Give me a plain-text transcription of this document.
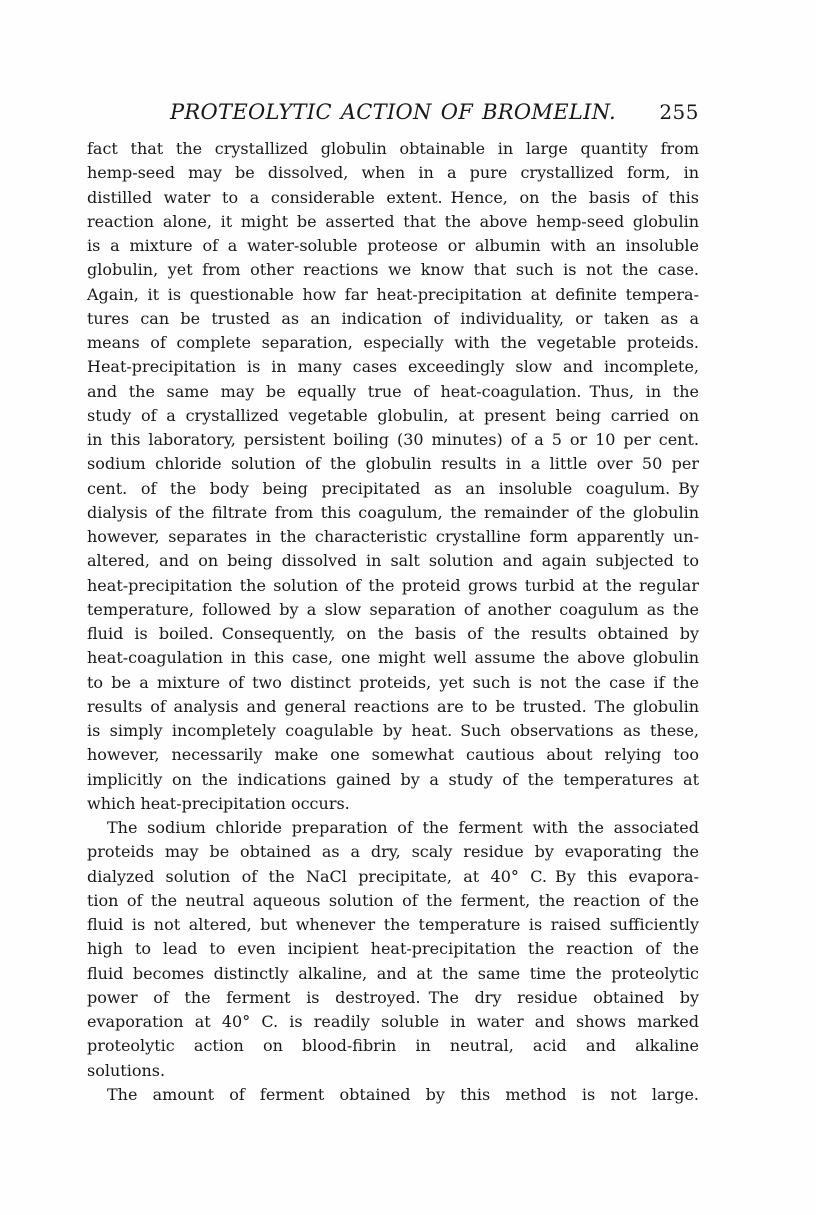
PROTEOLYTIC ACTION OF BROMELIN.	255
fact that the crystallized globulin obtainable in large quantity from
hemp-seed may be dissolved, when in a pure crystallized form, in
distilled water to a considerable extent. Hence, on the basis of this
reaction alone, it might be asserted that the above hemp-seed globulin
is a mixture of a water-soluble proteose or albumin with an insoluble
globulin, yet from other reactions we know that such is not the case.
Again, it is questionable how far heat-precipitation at definite tempera-
tures can be trusted as an indication of individuality, or taken as a
means of complete separation, especially with the vegetable proteids.
Heat-precipitation is in many cases exceedingly slow and incomplete,
and the same may be equally true of heat-coagulation. Thus, in the
study of a crystallized vegetable globulin, at present being carried on
in this laboratory, persistent boiling (30 minutes) of a 5 or 10 per cent.
sodium chloride solution of the globulin results in a little over 50 per
cent. of the body being precipitated as an insoluble coagulum. By
dialysis of the filtrate from this coagulum, the remainder of the globulin
however, separates in the characteristic crystalline form apparently un-
altered, and on being dissolved in salt solution and again subjected to
heat-precipitation the solution of the proteid grows turbid at the regular
temperature, followed by a slow separation of another coagulum as the
fluid is boiled. Consequently, on the basis of the results obtained by
heat-coagulation in this case, one might well assume the above globulin
to be a mixture of two distinct proteids, yet such is not the case if the
results of analysis and general reactions are to be trusted. The globulin
is simply incompletely coagulable by heat. Such observations as these,
however, necessarily make one somewhat cautious about relying too
implicitly on the indications gained by a study of the temperatures at
which heat-precipitation occurs.
The sodium chloride preparation of the ferment with the associated
proteids may be obtained as a dry, scaly residue by evaporating the
dialyzed solution of the NaCl precipitate, at 40° C. By this evapora-
tion of the neutral aqueous solution of the ferment, the reaction of the
fluid is not altered, but whenever the temperature is raised sufficiently
high to lead to even incipient heat-precipitation the reaction of the
fluid becomes distinctly alkaline, and at the same time the proteolytic
power of the ferment is destroyed. The dry residue obtained by
evaporation at 40° C. is readily soluble in water and shows marked
proteolytic action on blood-fibrin in neutral, acid and alkaline
solutions.
The amount of ferment obtained by this method is not large.
